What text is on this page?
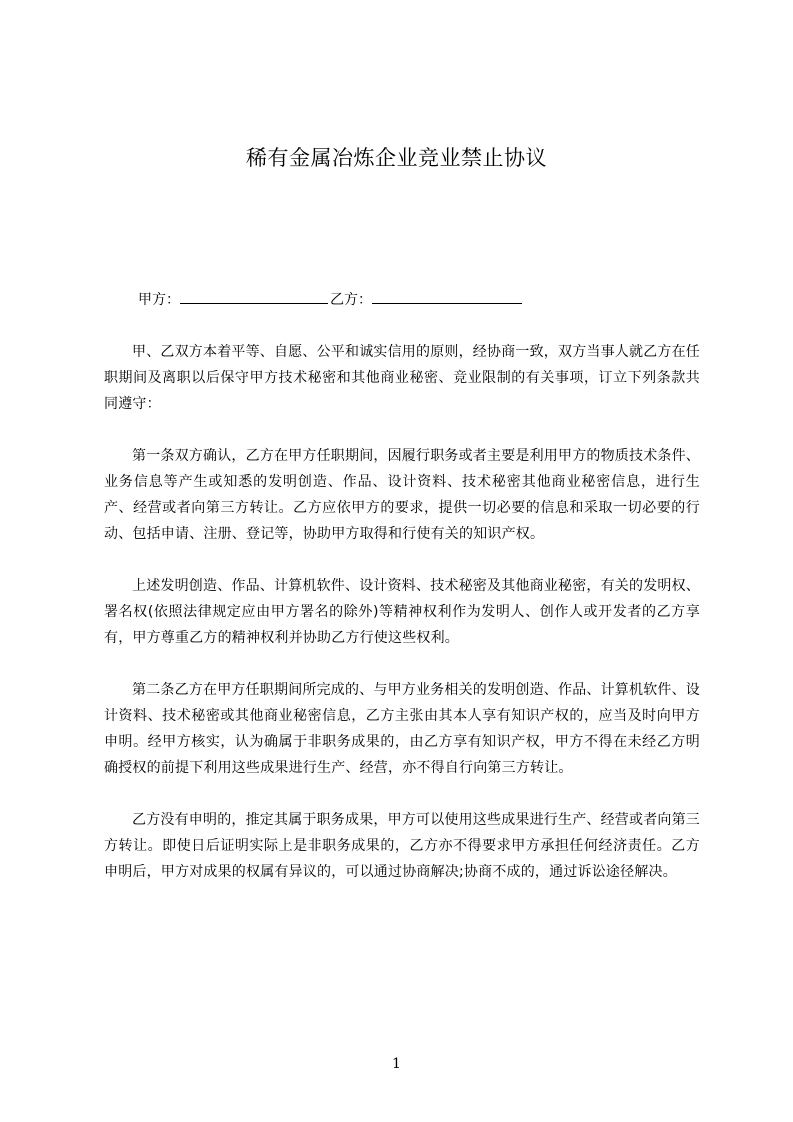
稀有金属冶炼企业竞业禁止协议
甲方：	乙方：

甲、乙双方本着平等、自愿、公平和诚实信用的原则，经协商一致，双方当事人就乙方在任职期间及离职以后保守甲方技术秘密和其他商业秘密、竞业限制的有关事项，订立下列条款共同遵守：

第一条双方确认，乙方在甲方任职期间，因履行职务或者主要是利用甲方的物质技术条件、业务信息等产生或知悉的发明创造、作品、设计资料、技术秘密其他商业秘密信息，进行生产、经营或者向第三方转让。乙方应依甲方的要求，提供一切必要的信息和采取一切必要的行动、包括申请、注册、登记等，协助甲方取得和行使有关的知识产权。

上述发明创造、作品、计算机软件、设计资料、技术秘密及其他商业秘密，有关的发明权、署名权(依照法律规定应由甲方署名的除外)等精神权利作为发明人、创作人或开发者的乙方享有，甲方尊重乙方的精神权利并协助乙方行使这些权利。

第二条乙方在甲方任职期间所完成的、与甲方业务相关的发明创造、作品、计算机软件、设计资料、技术秘密或其他商业秘密信息，乙方主张由其本人享有知识产权的，应当及时向甲方申明。经甲方核实，认为确属于非职务成果的，由乙方享有知识产权，甲方不得在未经乙方明确授权的前提下利用这些成果进行生产、经营，亦不得自行向第三方转让。

乙方没有申明的，推定其属于职务成果，甲方可以使用这些成果进行生产、经营或者向第三方转让。即使日后证明实际上是非职务成果的，乙方亦不得要求甲方承担任何经济责任。乙方申明后，甲方对成果的权属有异议的，可以通过协商解决;协商不成的，通过诉讼途径解决。

1
